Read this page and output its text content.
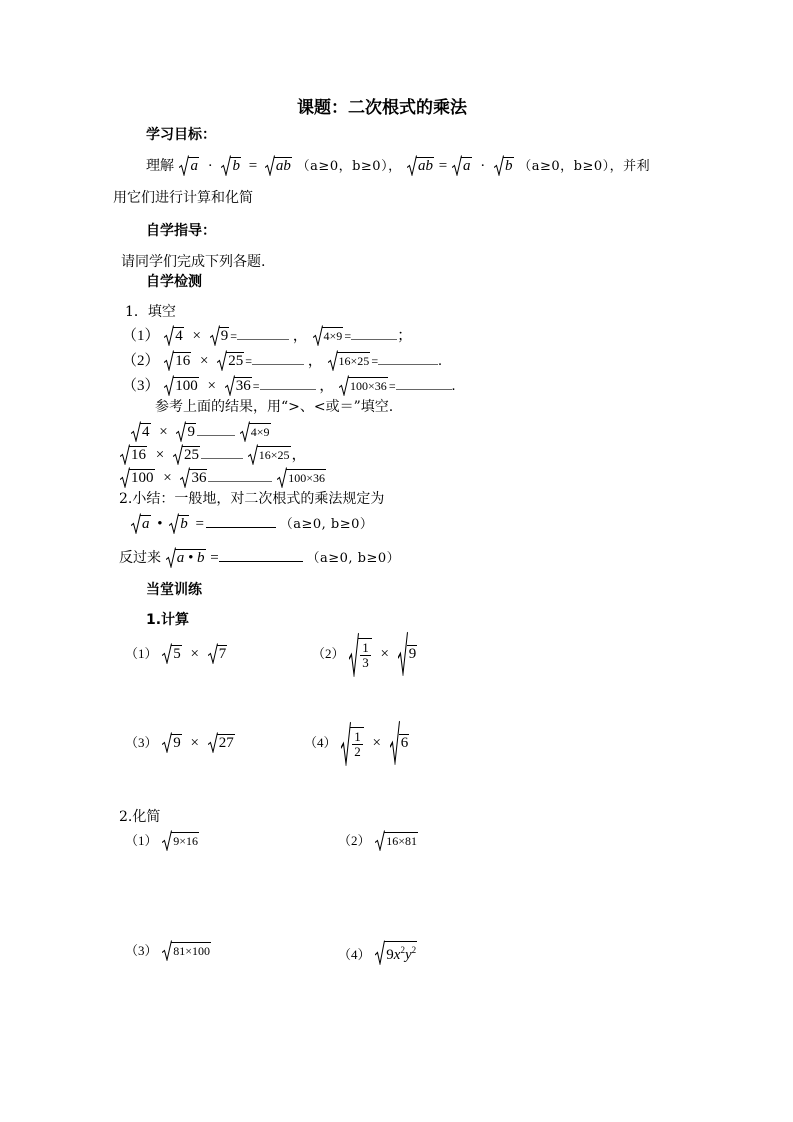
课题：二次根式的乘法
学习目标：
理解 a · b = ab （a≥0，b≥0）， ab = a · b （a≥0，b≥0），并利
用它们进行计算和化简
自学指导：
请同学们完成下列各题.
自学检测
1．填空
（1） 4 × 9 =	， 4×9 =	；
（2） 16 × 25 =	， 16×25 =	.
（3） 100 × 36 =	， 100×36 =	.
参考上面的结果，用“>、<或＝”填空.
4 × 9	4×9
16 × 25	16×25 ，
100 × 36	100×36
2.小结：一般地，对二次根式的乘法规定为
a • b =	（a≥0, b≥0）
反过来 a • b =	（a≥0, b≥0）
当堂训练
1.计算
（1） 5 × 7	$(2) \frac{1}{3} \times 9$
（3） 9 × 27	$(4) \frac{1}{2} \times 6$
2.化简
（1） 9×16	（2） 16×81
（3） 81×100	（4） $9x^2y^2$
